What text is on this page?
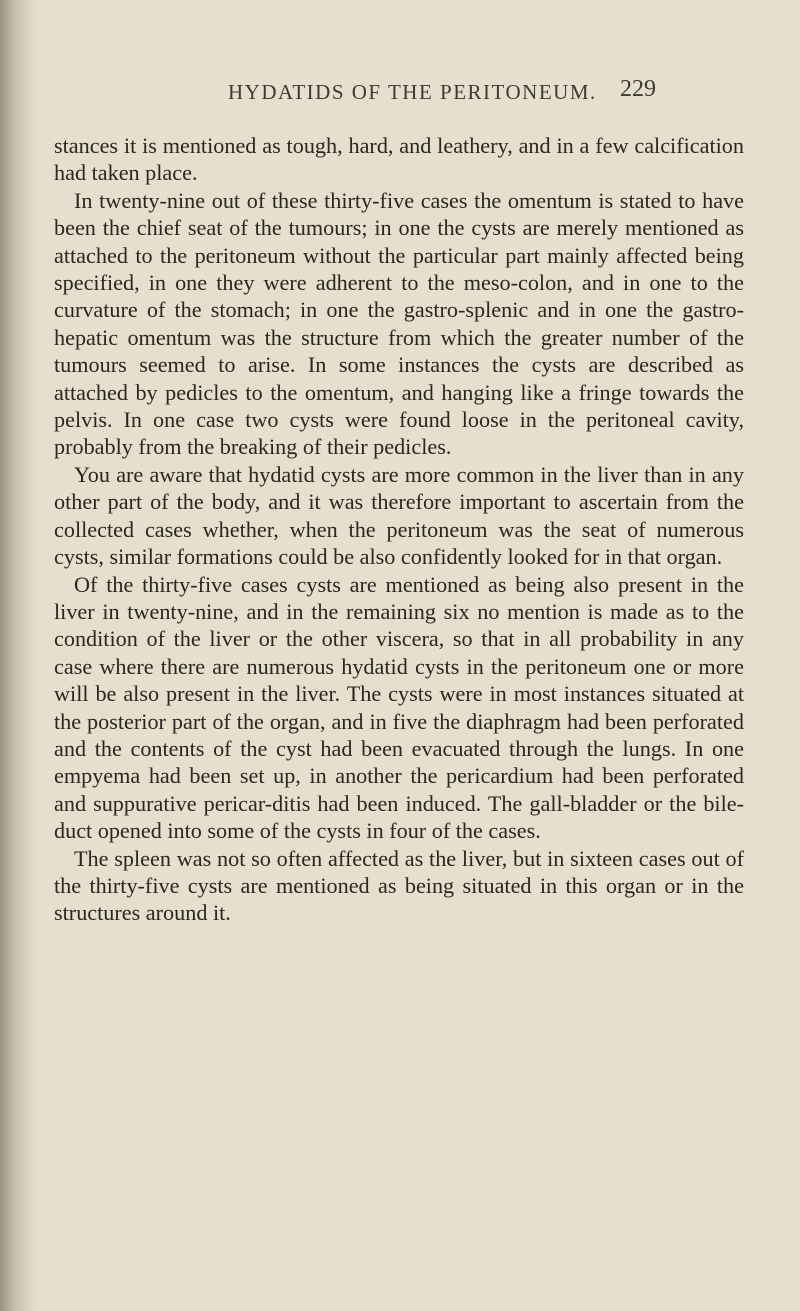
HYDATIDS OF THE PERITONEUM. 229

stances it is mentioned as tough, hard, and leathery, and in a few calcification had taken place.

In twenty-nine out of these thirty-five cases the omentum is stated to have been the chief seat of the tumours; in one the cysts are merely mentioned as attached to the peritoneum without the particular part mainly affected being specified, in one they were adherent to the meso-colon, and in one to the curvature of the stomach; in one the gastro-splenic and in one the gastro-hepatic omentum was the structure from which the greater number of the tumours seemed to arise. In some instances the cysts are described as attached by pedicles to the omentum, and hanging like a fringe towards the pelvis. In one case two cysts were found loose in the peritoneal cavity, probably from the breaking of their pedicles.

You are aware that hydatid cysts are more common in the liver than in any other part of the body, and it was therefore important to ascertain from the collected cases whether, when the peritoneum was the seat of numerous cysts, similar formations could be also confidently looked for in that organ.

Of the thirty-five cases cysts are mentioned as being also present in the liver in twenty-nine, and in the remaining six no mention is made as to the condition of the liver or the other viscera, so that in all probability in any case where there are numerous hydatid cysts in the peritoneum one or more will be also present in the liver. The cysts were in most instances situated at the posterior part of the organ, and in five the diaphragm had been perforated and the contents of the cyst had been evacuated through the lungs. In one empyema had been set up, in another the pericardium had been perforated and suppurative pericar-ditis had been induced. The gall-bladder or the bile-duct opened into some of the cysts in four of the cases.

The spleen was not so often affected as the liver, but in sixteen cases out of the thirty-five cysts are mentioned as being situated in this organ or in the structures around it.
